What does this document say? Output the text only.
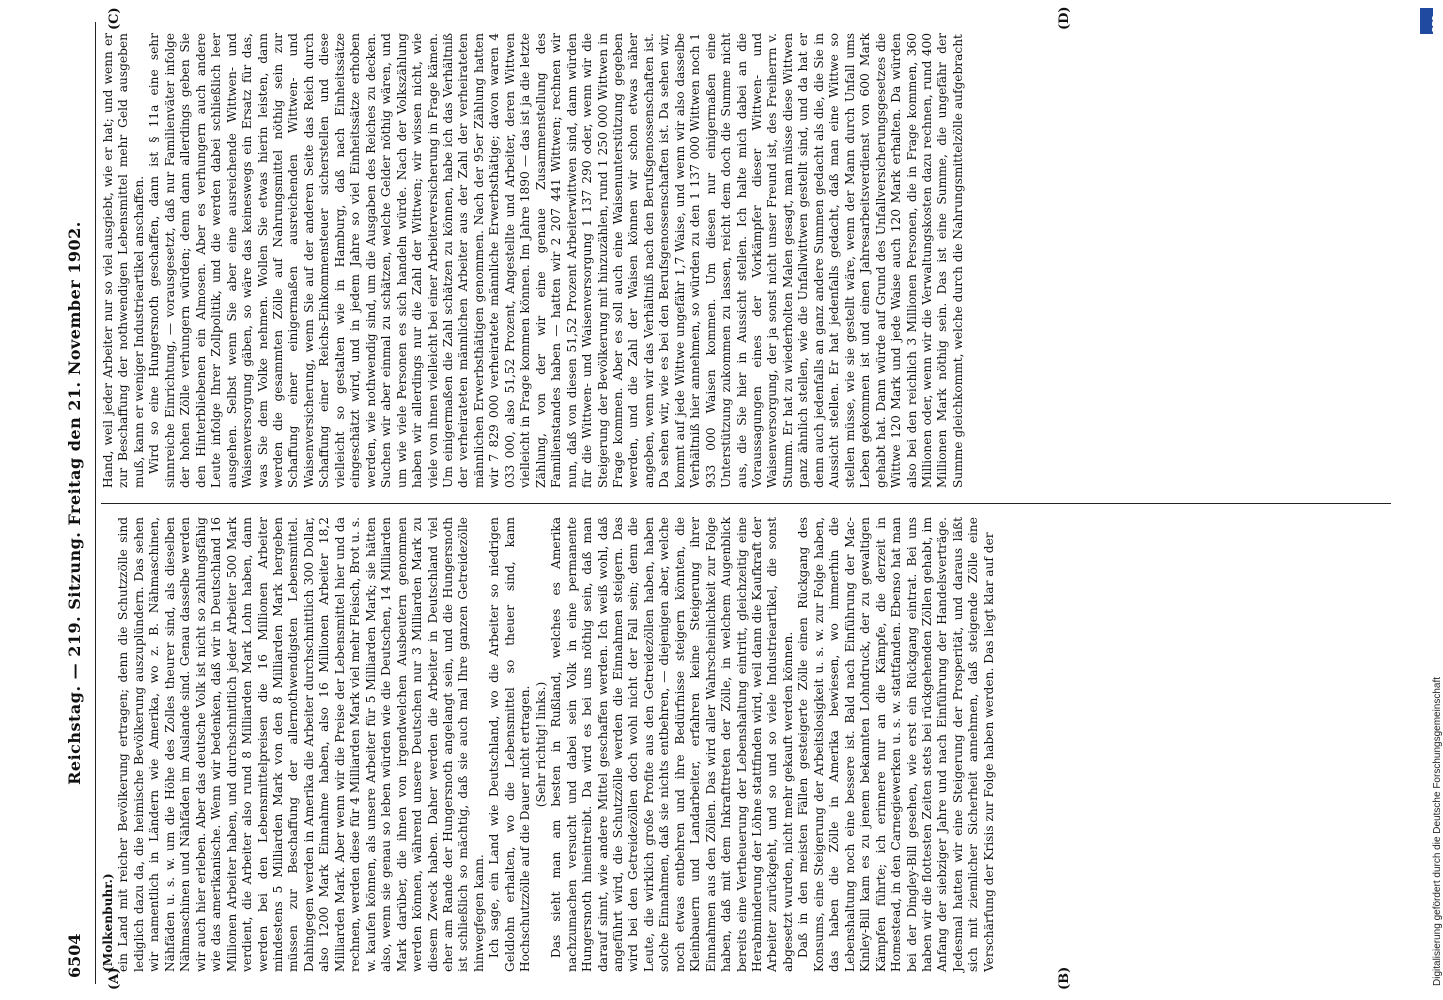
6504
Reichstag. — 219. Sitzung. Freitag den 21. November 1902.
(A)	(B)
(C)	(D)

(Molkenbuhr.) ein Land mit reicher Bevölkerung ertragen; denn die Schutzzölle sind lediglich dazu da, die heimische Bevölkerung auszuplündern. Das sehen wir namentlich in Ländern wie Amerika, wo z. B. Nähmaschinen, Nähfäden u. s. w. um die Höhe des Zolles theurer sind, als dieselben Nähmaschinen und Nähfäden im Auslande sind. Genau dasselbe werden wir auch hier erleben. Aber das deutsche Volk ist nicht so zahlungsfähig wie das amerikanische. Wenn wir bedenken, daß wir in Deutschland 16 Millionen Arbeiter haben, und durchschnittlich jeder Arbeiter 500 Mark verdient, die Arbeiter also rund 8 Milliarden Mark Lohn haben, dann werden bei den Lebensmittelpreisen die 16 Millionen Arbeiter mindestens 5 Milliarden Mark von den 8 Milliarden Mark hergeben müssen zur Beschaffung der allernothwendigsten Lebensmittel. Dahingegen werden in Amerika die Arbeiter durchschnittlich 300 Dollar, also 1200 Mark Einnahme haben, also 16 Millionen Arbeiter 18,2 Milliarden Mark. Aber wenn wir die Preise der Lebensmittel hier und da rechnen, werden diese für 4 Milliarden Mark viel mehr Fleisch, Brot u. s. w. kaufen können, als unsere Arbeiter für 5 Milliarden Mark; sie hätten also, wenn sie genau so leben würden wie die Deutschen, 14 Milliarden Mark darüber, die ihnen von irgendwelchen Ausbeutern genommen werden können, während unsere Deutschen nur 3 Milliarden Mark zu diesem Zweck haben. Daher werden die Arbeiter in Deutschland viel eher am Rande der Hungersnoth angelangt sein, und die Hungersnoth ist schließlich so mächtig, daß sie auch mal Ihre ganzen Getreidezölle hinwegfegen kann. Ich sage, ein Land wie Deutschland, wo die Arbeiter so niedrigen Geldlohn erhalten, wo die Lebensmittel so theuer sind, kann Hochschutzzölle auf die Dauer nicht ertragen. (Sehr richtig! links.) Das sieht man am besten in Rußland, welches es Amerika nachzumachen versucht und dabei sein Volk in eine permanente Hungersnoth hineintreibt. Da wird es bei uns nöthig sein, daß man darauf sinnt, wie andere Mittel geschaffen werden. Ich weiß wohl, daß angeführt wird, die Schutzzölle werden die Einnahmen steigern. Das wird bei den Getreidezöllen doch wohl nicht der Fall sein; denn die Leute, die wirklich große Profite aus den Getreidezöllen haben, haben solche Einnahmen, daß sie nichts entbehren, — diejenigen aber, welche noch etwas entbehren und ihre Bedürfnisse steigern könnten, die Kleinbauern und Landarbeiter, erfahren keine Steigerung ihrer Einnahmen aus den Zöllen. Das wird aller Wahrscheinlichkeit zur Folge haben, daß mit dem Inkrafttreten der Zölle, in welchem Augenblick bereits eine Vertheuerung der Lebenshaltung eintritt, gleichzeitig eine Herabminderung der Löhne stattfinden wird, weil dann die Kaufkraft der Arbeiter zurückgeht, und so und so viele Industrieartikel, die sonst abgesetzt wurden, nicht mehr gekauft werden können. Daß in den meisten Fällen gesteigerte Zölle einen Rückgang des Konsums, eine Steigerung der Arbeitslosigkeit u. s. w. zur Folge haben, das haben die Zölle in Amerika bewiesen, wo immerhin die Lebenshaltung noch eine bessere ist. Bald nach Einführung der Mac-Kinley-Bill kam es zu jenem bekannten Lohndruck, der zu gewaltigen Kämpfen führte; ich erinnere nur an die Kämpfe, die derzeit in Homestead, in den Carnegiewerken u. s. w. stattfanden. Ebenso hat man bei der Dingley-Bill gesehen, wie erst ein Rückgang eintrat. Bei uns haben wir die flottesten Zeiten stets bei rückgehenden Zöllen gehabt, im Anfang der siebziger Jahre und nach Einführung der Handelsverträge. Jedesmal hatten wir eine Steigerung der Prosperität, und daraus läßt sich mit ziemlicher Sicherheit annehmen, daß steigende Zölle eine Verschärfung der Krisis zur Folge haben werden. Das liegt klar auf der

Hand, weil jeder Arbeiter nur so viel ausgiebt, wie er hat; und wenn er zur Beschaffung der nothwendigen Lebensmittel mehr Geld ausgeben muß, kann er weniger Industrieartikel anschaffen. Wird so eine Hungersnoth geschaffen, dann ist § 11a eine sehr sinnreiche Einrichtung, — vorausgesetzt, daß nur Familienväter infolge der hohen Zölle verhungern würden; denn dann allerdings geben Sie den Hinterbliebenen ein Almosen. Aber es verhungern auch andere Leute infolge Ihrer Zollpolitik, und die werden dabei schließlich leer ausgehen. Selbst wenn Sie aber eine ausreichende Wittwen- und Waisenversorgung gäben, so wäre das keineswegs ein Ersatz für das, was Sie dem Volke nehmen. Wollen Sie etwas hierin leisten, dann werden die gesammten Zölle auf Nahrungsmittel nöthig sein zur Schaffung einer einigermaßen ausreichenden Wittwen- und Waisenversicherung, wenn Sie auf der anderen Seite das Reich durch Schaffung einer Reichs-Einkommensteuer sicherstellen und diese vielleicht so gestalten wie in Hamburg, daß nach Einheitssätze eingeschätzt wird, und in jedem Jahre so viel Einheitssätze erhoben werden, wie nothwendig sind, um die Ausgaben des Reiches zu decken. Suchen wir aber einmal zu schätzen, welche Gelder nöthig wären, und um wie viele Personen es sich handeln würde. Nach der Volkszählung haben wir allerdings nur die Zahl der Wittwen; wir wissen nicht, wie viele von ihnen vielleicht bei einer Arbeiterversicherung in Frage kämen. Um einigermaßen die Zahl schätzen zu können, habe ich das Verhältniß der verheirateten männlichen Arbeiter aus der Zahl der verheirateten männlichen Erwerbsthätigen genommen. Nach der 95er Zählung hatten wir 7 829 000 verheiratete männliche Erwerbsthätige; davon waren 4 033 000, also 51,52 Prozent, Angestellte und Arbeiter, deren Wittwen vielleicht in Frage kommen können. Im Jahre 1890 — das ist ja die letzte Zählung, von der wir eine genaue Zusammenstellung des Familienstandes haben — hatten wir 2 207 441 Wittwen; rechnen wir nun, daß von diesen 51,52 Prozent Arbeiterwittwen sind, dann würden für die Wittwen- und Waisenversorgung 1 137 290 oder, wenn wir die Steigerung der Bevölkerung mit hinzuzählen, rund 1 250 000 Wittwen in Frage kommen. Aber es soll auch eine Waisenunterstützung gegeben werden, und die Zahl der Waisen können wir schon etwas näher angeben, wenn wir das Verhältniß nach den Berufsgenossenschaften ist. Da sehen wir, wie es bei den Berufsgenossenschaften ist. Da sehen wir, kommt auf jede Wittwe ungefähr 1,7 Waise, und wenn wir also dasselbe Verhältniß hier annehmen, so würden zu den 1 137 000 Wittwen noch 1 933 000 Waisen kommen. Um diesen nur einigermaßen eine Unterstützung zukommen zu lassen, reicht dem doch die Summe nicht aus, die Sie hier in Aussicht stellen. Ich halte mich dabei an die Voraussagungen eines der Vorkämpfer dieser Wittwen- und Waisenversorgung, der ja sonst nicht unser Freund ist, des Freiherrn v. Stumm. Er hat zu wiederholten Malen gesagt, man müsse diese Wittwen ganz ähnlich stellen, wie die Unfallwittwen gestellt sind, und da hat er denn auch jedenfalls an ganz andere Summen gedacht als die, die Sie in Aussicht stellen. Er hat jedenfalls gedacht, daß man eine Wittwe so stellen müsse, wie sie gestellt wäre, wenn der Mann durch Unfall ums Leben gekommen ist und einen Jahresarbeitsverdienst von 600 Mark gehabt hat. Dann würde auf Grund des Unfallversicherungsgesetzes die Wittwe 120 Mark und jede Waise auch 120 Mark erhalten. Da würden also bei den reichlich 3 Millionen Personen, die in Frage kommen, 360 Millionen oder, wenn wir die Verwaltungskosten dazu rechnen, rund 400 Millionen Mark nöthig sein. Das ist eine Summe, die ungefähr der Summe gleichkommt, welche durch die Nahrungsmittelzölle aufgebracht

Digitalisierung gefördert durch die Deutsche Forschungsgemeinschaft
DFG
